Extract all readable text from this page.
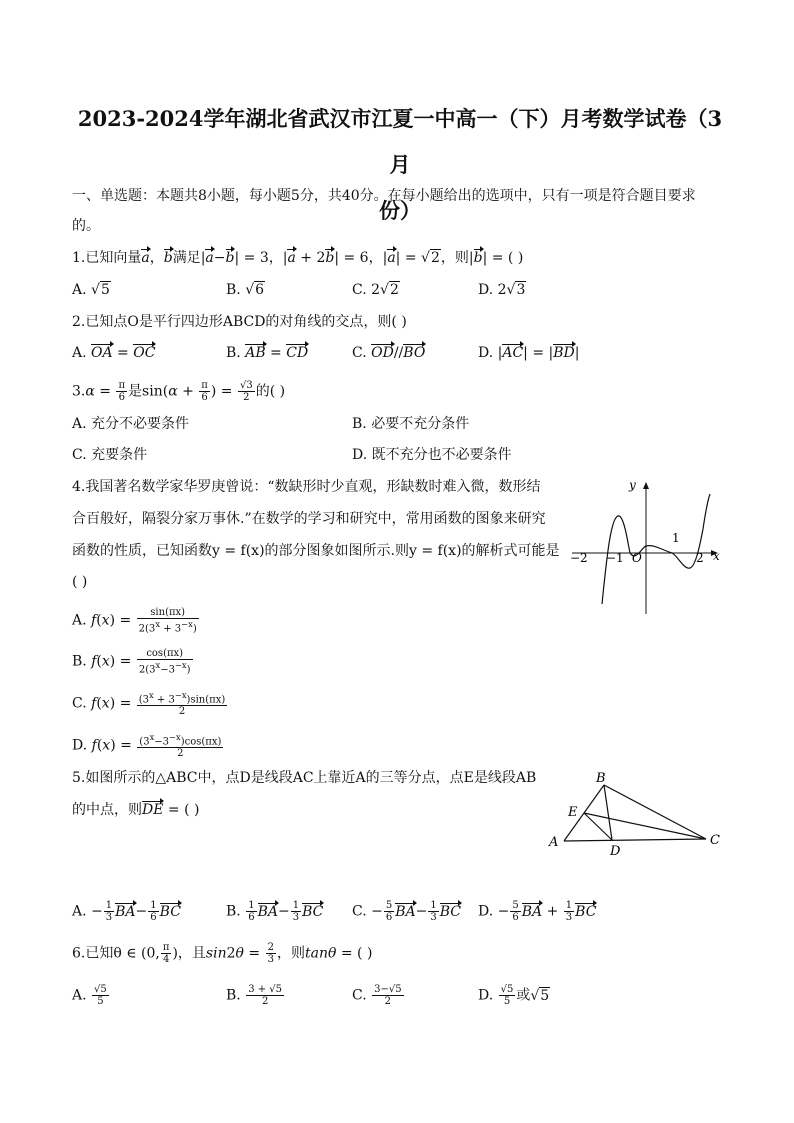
2023-2024学年湖北省武汉市江夏一中高一（下）月考数学试卷（3月
份）
一、单选题：本题共8小题，每小题5分，共40分。在每小题给出的选项中，只有一项是符合题目要求
的。
1.已知向量a，b满足|a−b| = 3，|a + 2b| = 6，|a| = √2，则|b| = ( )
A. √5	B. √6	C. 2√2	D. 2√3
2.已知点O是平行四边形ABCD的对角线的交点，则( )
A. OA = OC	B. AB = CD	C. OD//BO	D. |AC| = |BD|
$3.\alpha = \frac{\pi}{6}$ 是$\sin(\alpha + \frac{\pi}{6}$ ) = $\frac{√3}{2}$ 的( )
A. 充分不必要条件	B. 必要不充分条件
C. 充要条件	D. 既不充分也不必要条件
4.我国著名数学家华罗庚曾说：“数缺形时少直观，形缺数时难入微，数形结
合百般好，隔裂分家万事休.”在数学的学习和研究中，常用函数的图象来研究
函数的性质，已知函数y = f(x)的部分图象如图所示.则y = f(x)的解析式可能是
( )
y
x
O
−2 −1
1
2
A. $f(x) = \frac{\sin(\pi x)}{2(3^x + 3^{-x})}$
B. $f(x) = \frac{\cos(\pi x)}{2(3^x-3^{-x})}$
C. $f(x) = \frac{(3^x + 3^{-x})\sin(\pi x)}{2}$
D. $f(x) = \frac{(3^x-3^{-x})\cos(\pi x)}{2}$
5.如图所示的△ABC中，点D是线段AC上靠近A的三等分点，点E是线段AB
的中点，则DE = ( )
B
E
A
D
C
A. − $\frac{1}{3} BA- \frac{1}{6}$ BC	B. $\frac{1}{6} BA- \frac{1}{3}$ BC C. − $\frac{5}{6} BA- \frac{1}{3}$ BC D. − $\frac{5}{6}$ BA + $\frac{1}{3}$ BC
6.已知θ ∈ (0, $\frac{\pi}{4}$ )，且$\sin 2\theta = \frac{2}{3}$ ，则tanθ = ( )
A. $\frac{√5}{5}$	B. $\frac{3 + √5}{2}$	C. $\frac{3-√5}{2}$	D. $\frac{√5}{5}$ 或√5
